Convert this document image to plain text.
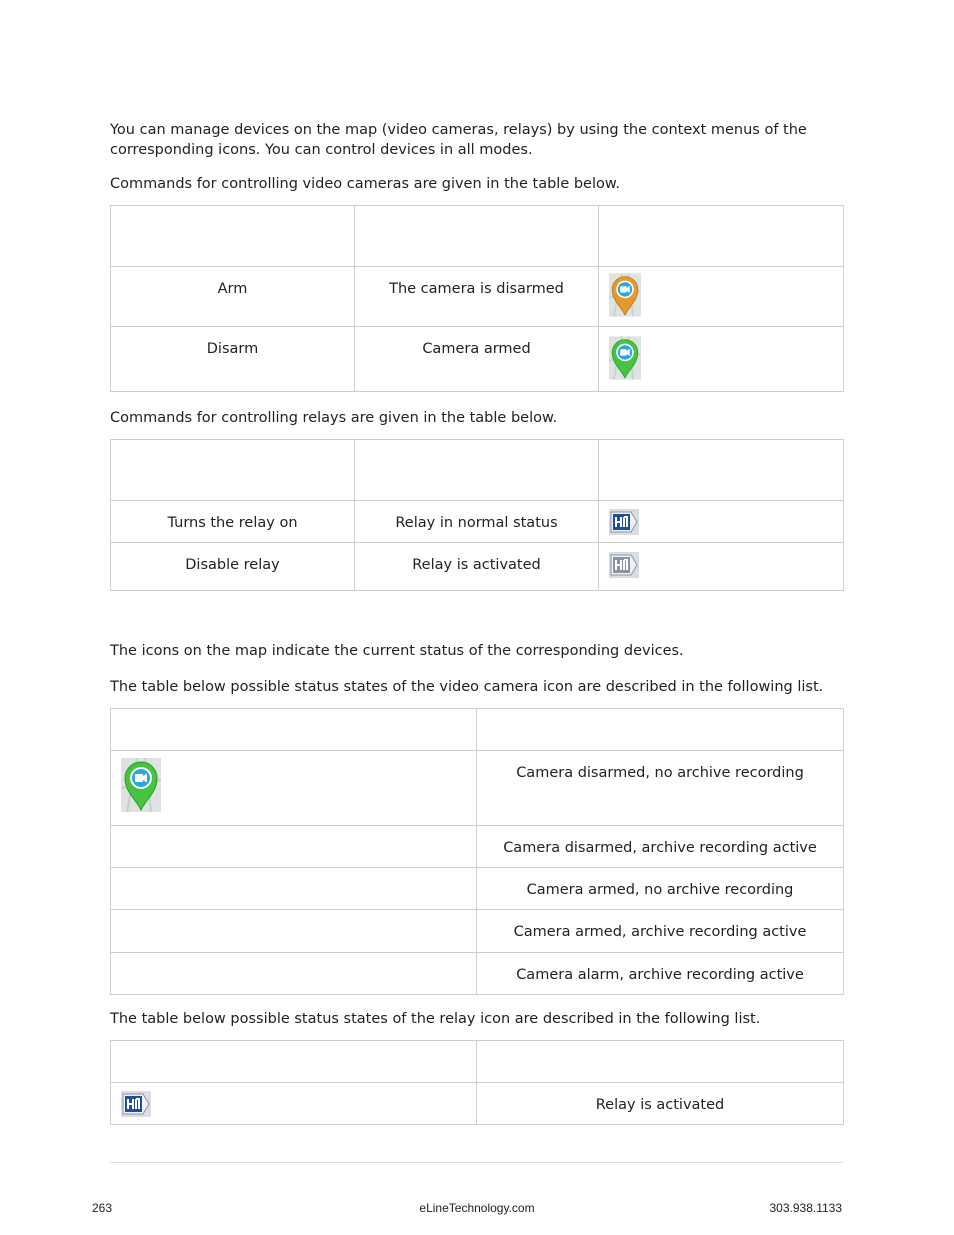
You can manage devices on the map (video cameras, relays) by using the context menus of the corresponding icons. You can control devices in all modes.

Commands for controlling video cameras are given in the table below.

Arm	The camera is disarmed	

Disarm	Camera armed	

Commands for controlling relays are given in the table below.

Turns the relay on	Relay in normal status	

Disable relay	Relay is activated	

The icons on the map indicate the current status of the corresponding devices.

The table below possible status states of the video camera icon are described in the following list.

	Camera disarmed, no archive recording
	Camera disarmed, archive recording active
	Camera armed, no archive recording
	Camera armed, archive recording active
	Camera alarm, archive recording active

The table below possible status states of the relay icon are described in the following list.

	Relay is activated
263	eLineTechnology.com	303.938.1133
